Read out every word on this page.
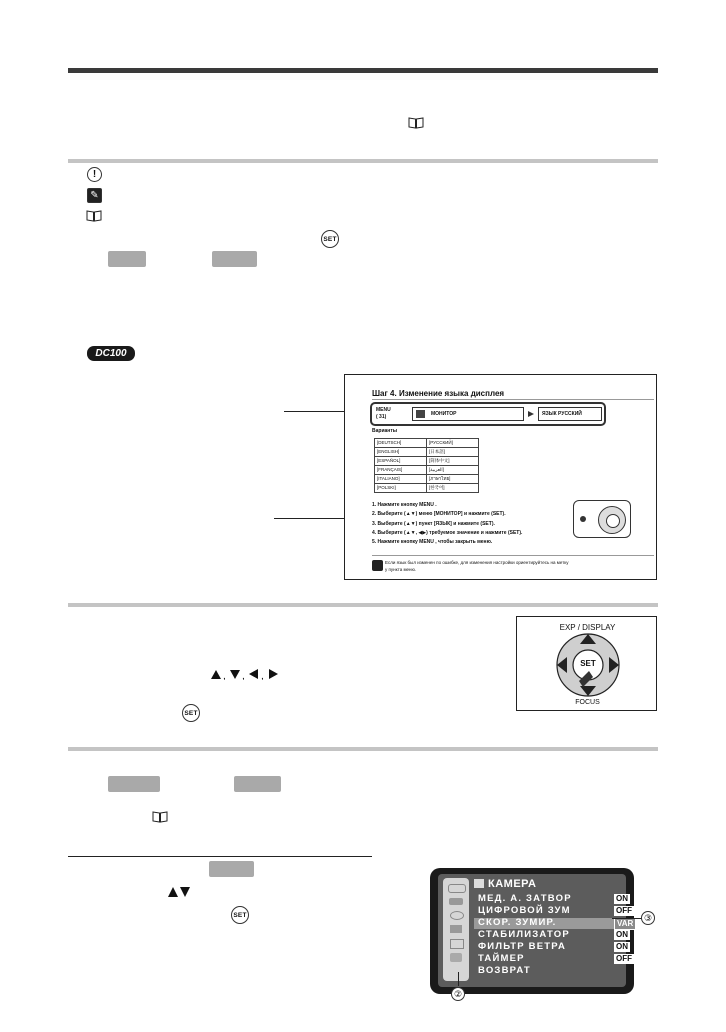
!
✎
SET
DC100
Шаг 4. Изменение языка дисплея
MENU
( 31)	МОНИТОР	ЯЗЫК РУССКИЙ
Варианты
[DEUTSCH]	[РУССКИЙ]
[ENGLISH]	[日本語]
[ESPAÑOL]	[简体中文]
[FRANÇAIS]	[العربية]
[ITALIANO]	[ภาษาไทย]
[POLSKI]	[한국어]
1. Нажмите кнопку MENU .
2. Выберите (▲▼) меню [МОНИТОР] и нажмите (SET).
3. Выберите (▲▼) пункт [ЯЗЫК] и нажмите (SET).
4. Выберите (▲▼, ◀▶) требуемое значение и нажмите (SET).
5. Нажмите кнопку MENU , чтобы закрыть меню.
Если язык был изменен по ошибке, для изменения настройки ориентируйтесь на метку
у пункта меню.
, , ,
SET
EXP / DISPLAY
SET
FOCUS
SET
КАМЕРА
МЕД. А. ЗАТВОР	ON
ЦИФРОВОЙ ЗУМ	OFF
СКОР. ЗУМИР.	VAR
СТАБИЛИЗАТОР	ON
ФИЛЬТР ВЕТРА	ON
ТАЙМЕР	OFF
ВОЗВРАТ
③
②
